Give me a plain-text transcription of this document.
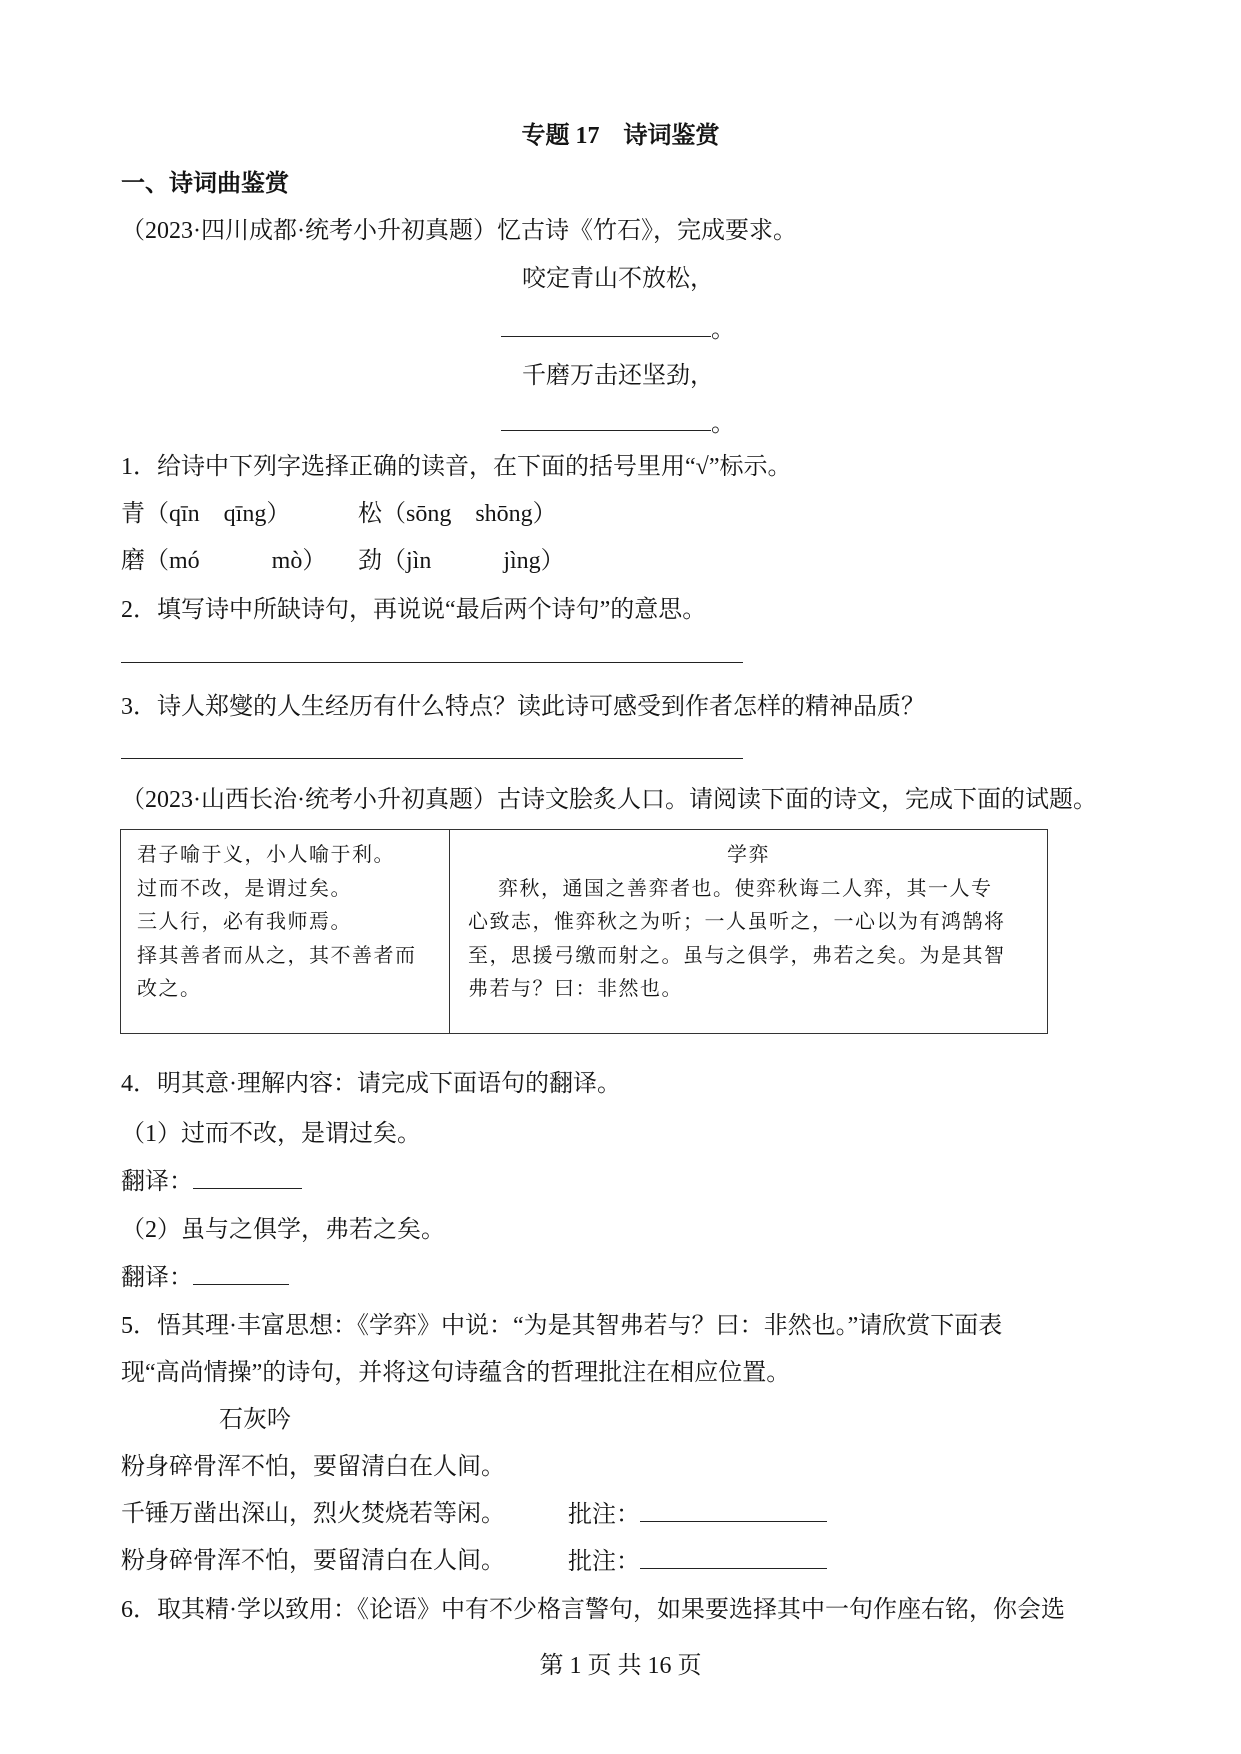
专题 17　诗词鉴赏
一、诗词曲鉴赏
（2023·四川成都·统考小升初真题）忆古诗《竹石》，完成要求。
咬定青山不放松，
。
千磨万击还坚劲，
。
1．给诗中下列字选择正确的读音，在下面的括号里用“√”标示。
青（qīn　qīng）	松（sōng　shōng）
磨（mó　　　mò） 劲（jìn　　　jìng）
2．填写诗中所缺诗句，再说说“最后两个诗句”的意思。
3．诗人郑燮的人生经历有什么特点？读此诗可感受到作者怎样的精神品质？
（2023·山西长治·统考小升初真题）古诗文脍炙人口。请阅读下面的诗文，完成下面的试题。
君子喻于义，小人喻于利。
过而不改，是谓过矣。
三人行，必有我师焉。
择其善者而从之，其不善者而
改之。
学弈
弈秋，通国之善弈者也。使弈秋诲二人弈，其一人专
心致志，惟弈秋之为听；一人虽听之，一心以为有鸿鹄将
至，思援弓缴而射之。虽与之俱学，弗若之矣。为是其智
弗若与？曰：非然也。
4．明其意·理解内容：请完成下面语句的翻译。
（1）过而不改，是谓过矣。
翻译：
（2）虽与之俱学，弗若之矣。
翻译：
5．悟其理·丰富思想：《学弈》中说：“为是其智弗若与？曰：非然也。”请欣赏下面表
现“高尚情操”的诗句，并将这句诗蕴含的哲理批注在相应位置。
石灰吟
粉身碎骨浑不怕，要留清白在人间。
千锤万凿出深山，烈火焚烧若等闲。	批注：
粉身碎骨浑不怕，要留清白在人间。	批注：
6．取其精·学以致用：《论语》中有不少格言警句，如果要选择其中一句作座右铭，你会选
第 1 页 共 16 页
